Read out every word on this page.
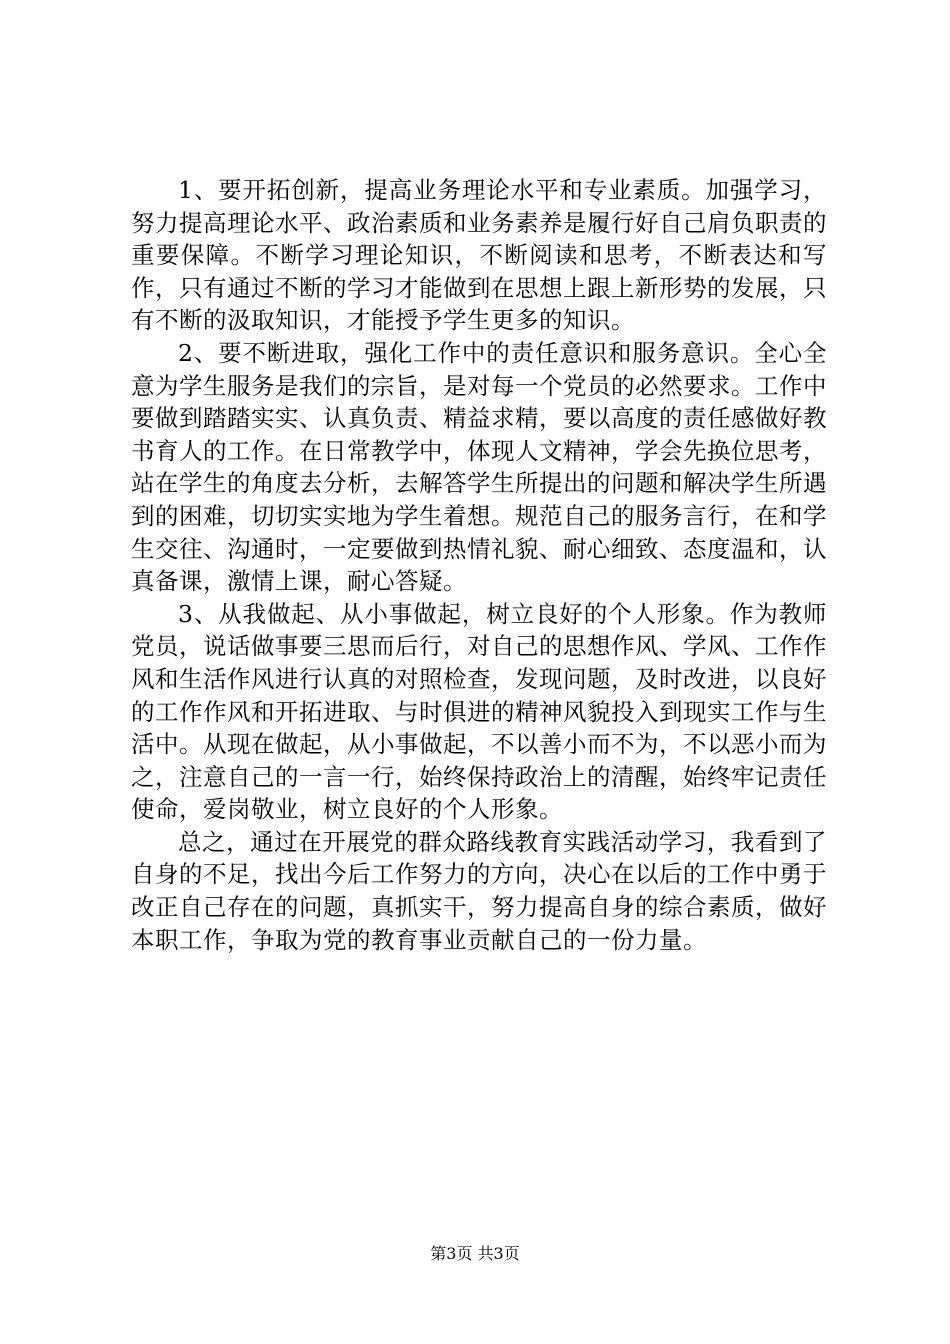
1、要开拓创新，提高业务理论水平和专业素质。加强学习，努力提高理论水平、政治素质和业务素养是履行好自己肩负职责的重要保障。不断学习理论知识，不断阅读和思考，不断表达和写作，只有通过不断的学习才能做到在思想上跟上新形势的发展，只有不断的汲取知识，才能授予学生更多的知识。

2、要不断进取，强化工作中的责任意识和服务意识。全心全意为学生服务是我们的宗旨，是对每一个党员的必然要求。工作中要做到踏踏实实、认真负责、精益求精，要以高度的责任感做好教书育人的工作。在日常教学中，体现人文精神，学会先换位思考，站在学生的角度去分析，去解答学生所提出的问题和解决学生所遇到的困难，切切实实地为学生着想。规范自己的服务言行，在和学生交往、沟通时，一定要做到热情礼貌、耐心细致、态度温和，认真备课，激情上课，耐心答疑。

3、从我做起、从小事做起，树立良好的个人形象。作为教师党员，说话做事要三思而后行，对自己的思想作风、学风、工作作风和生活作风进行认真的对照检查，发现问题，及时改进，以良好的工作作风和开拓进取、与时俱进的精神风貌投入到现实工作与生活中。从现在做起，从小事做起，不以善小而不为，不以恶小而为之，注意自己的一言一行，始终保持政治上的清醒，始终牢记责任使命，爱岗敬业，树立良好的个人形象。

总之，通过在开展党的群众路线教育实践活动学习，我看到了自身的不足，找出今后工作努力的方向，决心在以后的工作中勇于改正自己存在的问题，真抓实干，努力提高自身的综合素质，做好本职工作，争取为党的教育事业贡献自己的一份力量。

第3页 共3页
